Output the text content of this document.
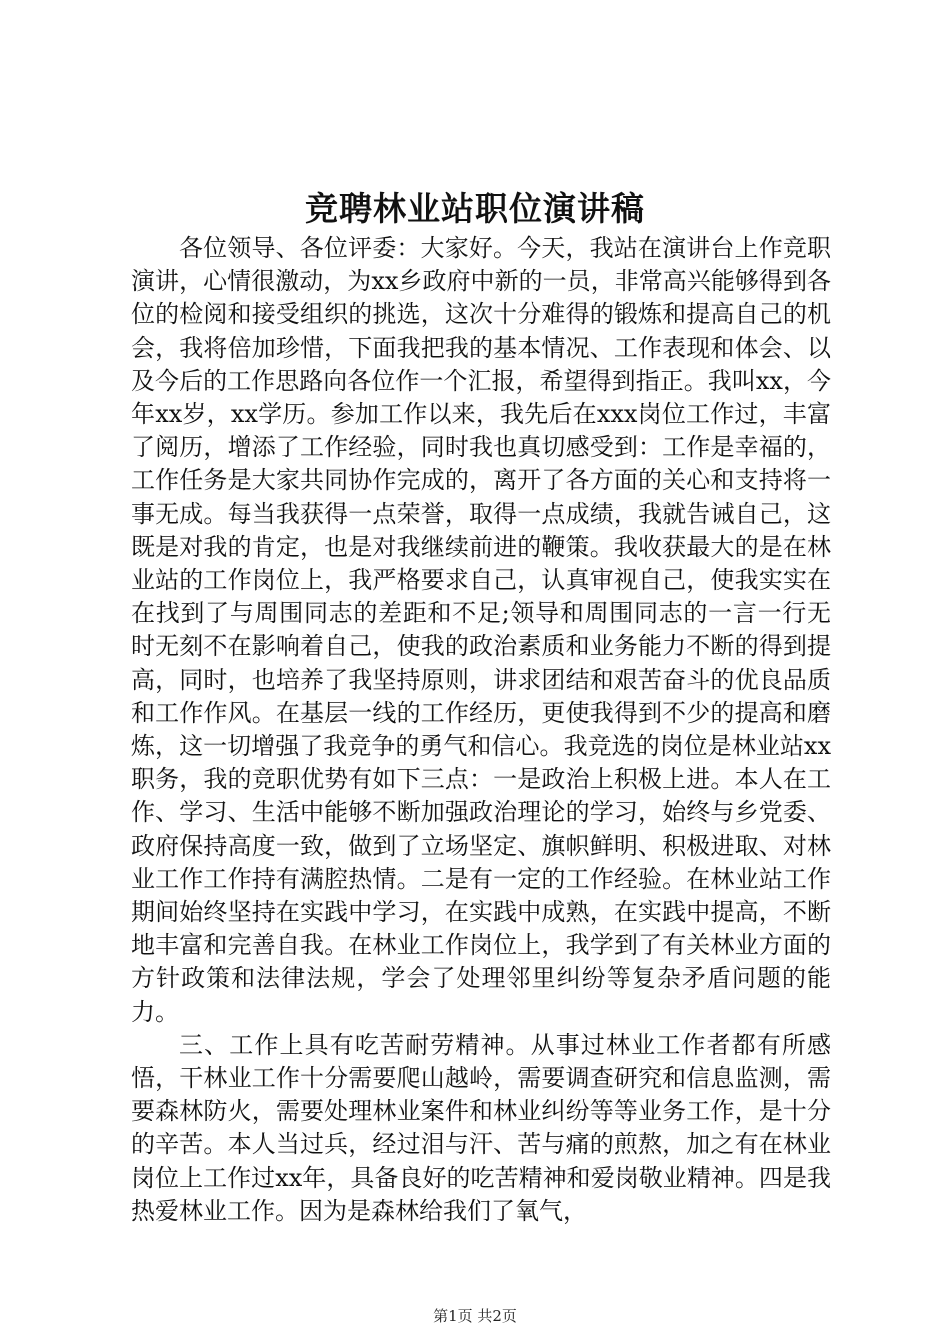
竞聘林业站职位演讲稿

各位领导、各位评委：大家好。今天，我站在演讲台上作竞职演讲，心情很激动，为xx乡政府中新的一员，非常高兴能够得到各位的检阅和接受组织的挑选，这次十分难得的锻炼和提高自己的机会，我将倍加珍惜，下面我把我的基本情况、工作表现和体会、以及今后的工作思路向各位作一个汇报，希望得到指正。我叫xx，今年xx岁，xx学历。参加工作以来，我先后在xxx岗位工作过，丰富了阅历，增添了工作经验，同时我也真切感受到：工作是幸福的，工作任务是大家共同协作完成的，离开了各方面的关心和支持将一事无成。每当我获得一点荣誉，取得一点成绩，我就告诫自己，这既是对我的肯定，也是对我继续前进的鞭策。我收获最大的是在林业站的工作岗位上，我严格要求自己，认真审视自己，使我实实在在找到了与周围同志的差距和不足;领导和周围同志的一言一行无时无刻不在影响着自己，使我的政治素质和业务能力不断的得到提高，同时，也培养了我坚持原则，讲求团结和艰苦奋斗的优良品质和工作作风。在基层一线的工作经历，更使我得到不少的提高和磨炼，这一切增强了我竞争的勇气和信心。我竞选的岗位是林业站xx职务，我的竞职优势有如下三点：一是政治上积极上进。本人在工作、学习、生活中能够不断加强政治理论的学习，始终与乡党委、政府保持高度一致，做到了立场坚定、旗帜鲜明、积极进取、对林业工作工作持有满腔热情。二是有一定的工作经验。在林业站工作期间始终坚持在实践中学习，在实践中成熟，在实践中提高，不断地丰富和完善自我。在林业工作岗位上，我学到了有关林业方面的方针政策和法律法规，学会了处理邻里纠纷等复杂矛盾问题的能力。

三、工作上具有吃苦耐劳精神。从事过林业工作者都有所感悟，干林业工作十分需要爬山越岭，需要调查研究和信息监测，需要森林防火，需要处理林业案件和林业纠纷等等业务工作，是十分的辛苦。本人当过兵，经过泪与汗、苦与痛的煎熬，加之有在林业岗位上工作过xx年，具备良好的吃苦精神和爱岗敬业精神。四是我热爱林业工作。因为是森林给我们了氧气，

第1页 共2页
